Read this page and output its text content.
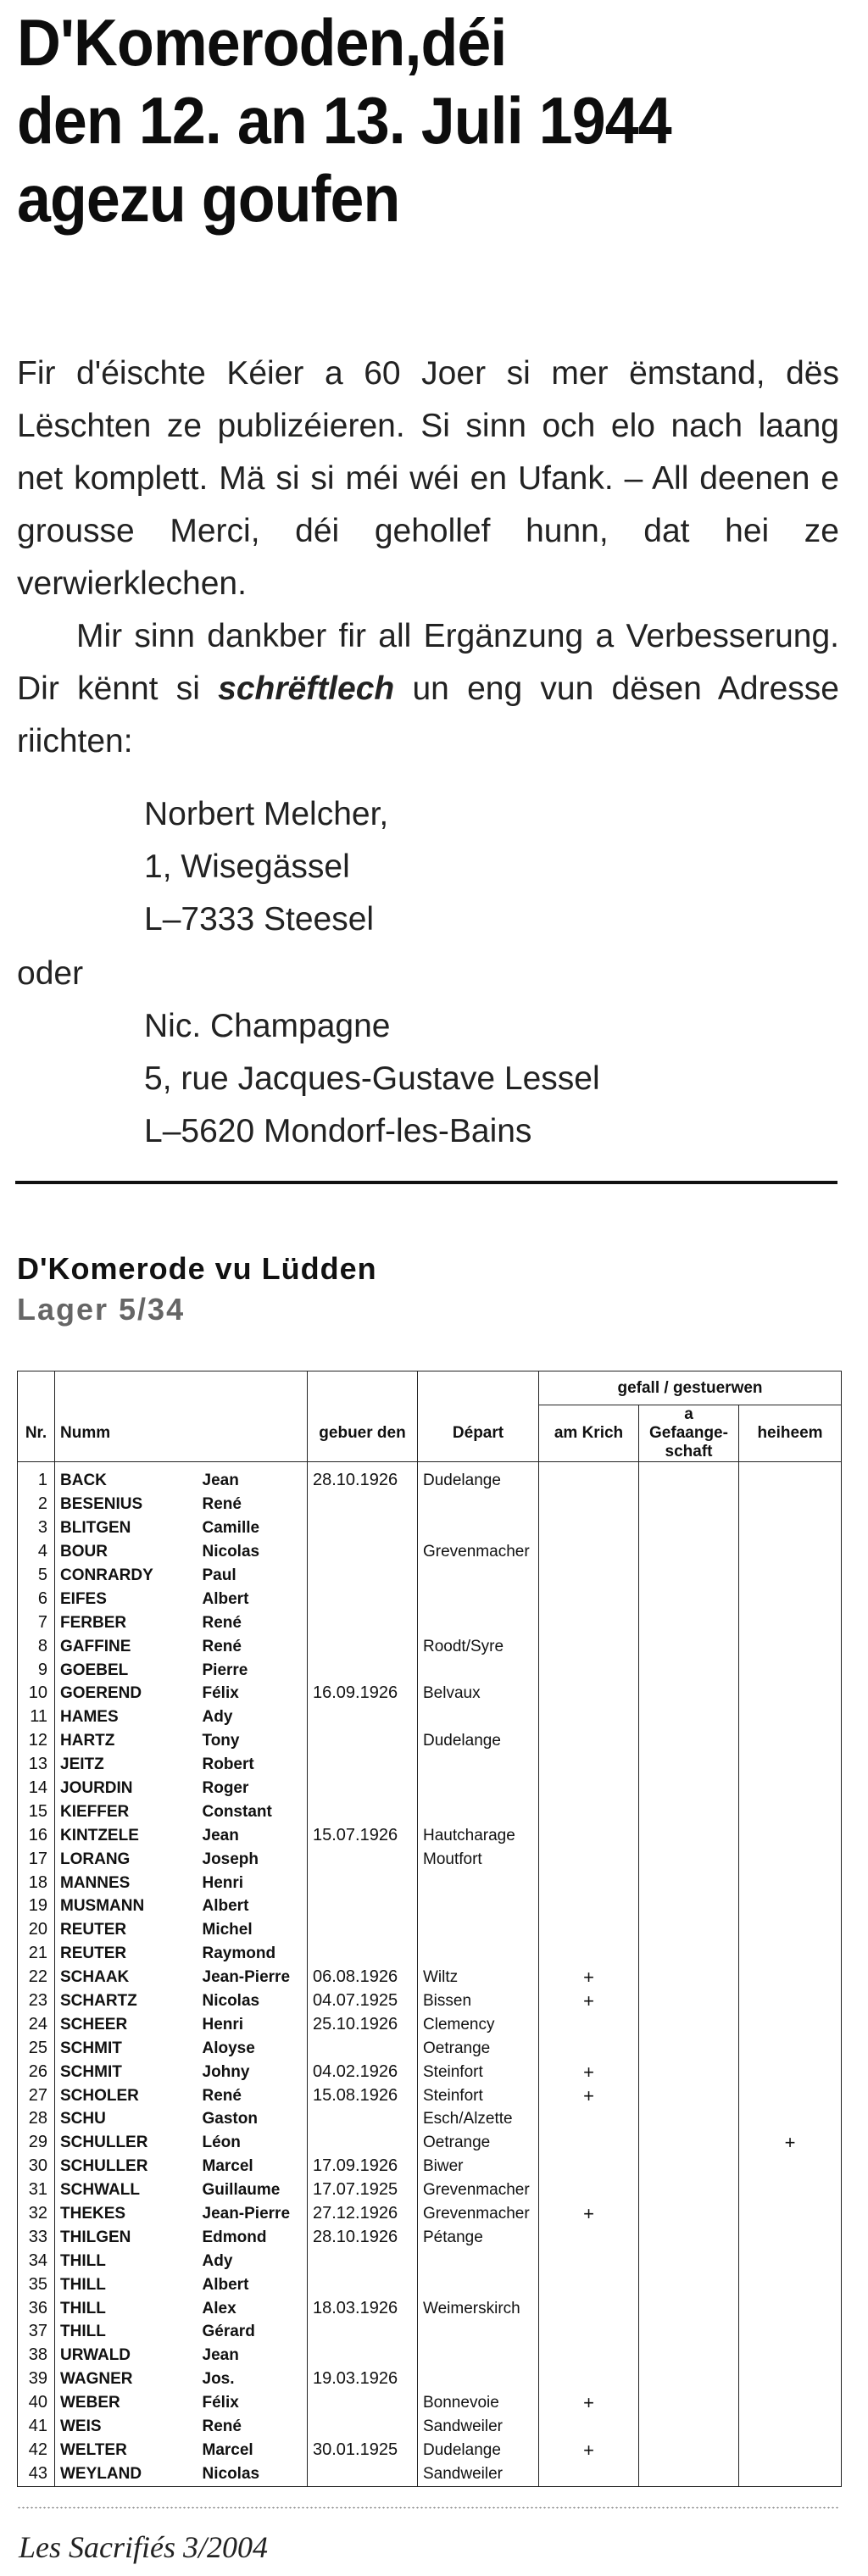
D'Komeroden,déi
den 12. an 13. Juli 1944
agezu goufen

Fir d'éischte Kéier a 60 Joer si mer ëmstand, dës Lëschten ze publizéieren. Si sinn och elo nach laang net komplett. Mä si si méi wéi en Ufank. – All deenen e grousse Merci, déi gehollef hunn, dat hei ze verwierklechen.

Mir sinn dankber fir all Ergänzung a Verbesserung. Dir kënnt si schrëftlech un eng vun dësen Adresse riichten:

Norbert Melcher,
1, Wisegässel
L–7333 Steesel
oder
Nic. Champagne
5, rue Jacques-Gustave Lessel
L–5620 Mondorf-les-Bains
D'Komerode vu Lüdden
Lager 5/34
					gefall / gestuerwen		
Nr.	Numm		gebuer den	Départ	am Krich	a Gefaange-schaft	heiheem
1	BACK	Jean	28.10.1926	Dudelange			
2	BESENIUS	René					
3	BLITGEN	Camille					
4	BOUR	Nicolas		Grevenmacher			
5	CONRARDY	Paul					
6	EIFES	Albert					
7	FERBER	René					
8	GAFFINE	René		Roodt/Syre			
9	GOEBEL	Pierre					
10	GOEREND	Félix	16.09.1926	Belvaux			
11	HAMES	Ady					
12	HARTZ	Tony		Dudelange			
13	JEITZ	Robert					
14	JOURDIN	Roger					
15	KIEFFER	Constant					
16	KINTZELE	Jean	15.07.1926	Hautcharage			
17	LORANG	Joseph		Moutfort			
18	MANNES	Henri					
19	MUSMANN	Albert					
20	REUTER	Michel					
21	REUTER	Raymond					
22	SCHAAK	Jean-Pierre	06.08.1926	Wiltz	+		
23	SCHARTZ	Nicolas	04.07.1925	Bissen	+		
24	SCHEER	Henri	25.10.1926	Clemency			
25	SCHMIT	Aloyse		Oetrange			
26	SCHMIT	Johny	04.02.1926	Steinfort	+		
27	SCHOLER	René	15.08.1926	Steinfort	+		
28	SCHU	Gaston		Esch/Alzette			
29	SCHULLER	Léon		Oetrange			+
30	SCHULLER	Marcel	17.09.1926	Biwer			
31	SCHWALL	Guillaume	17.07.1925	Grevenmacher			
32	THEKES	Jean-Pierre	27.12.1926	Grevenmacher	+		
33	THILGEN	Edmond	28.10.1926	Pétange			
34	THILL	Ady					
35	THILL	Albert					
36	THILL	Alex	18.03.1926	Weimerskirch			
37	THILL	Gérard					
38	URWALD	Jean					
39	WAGNER	Jos.	19.03.1926				
40	WEBER	Félix		Bonnevoie	+		
41	WEIS	René		Sandweiler			
42	WELTER	Marcel	30.01.1925	Dudelange	+		
43	WEYLAND	Nicolas		Sandweiler			

Les Sacrifiés 3/2004
